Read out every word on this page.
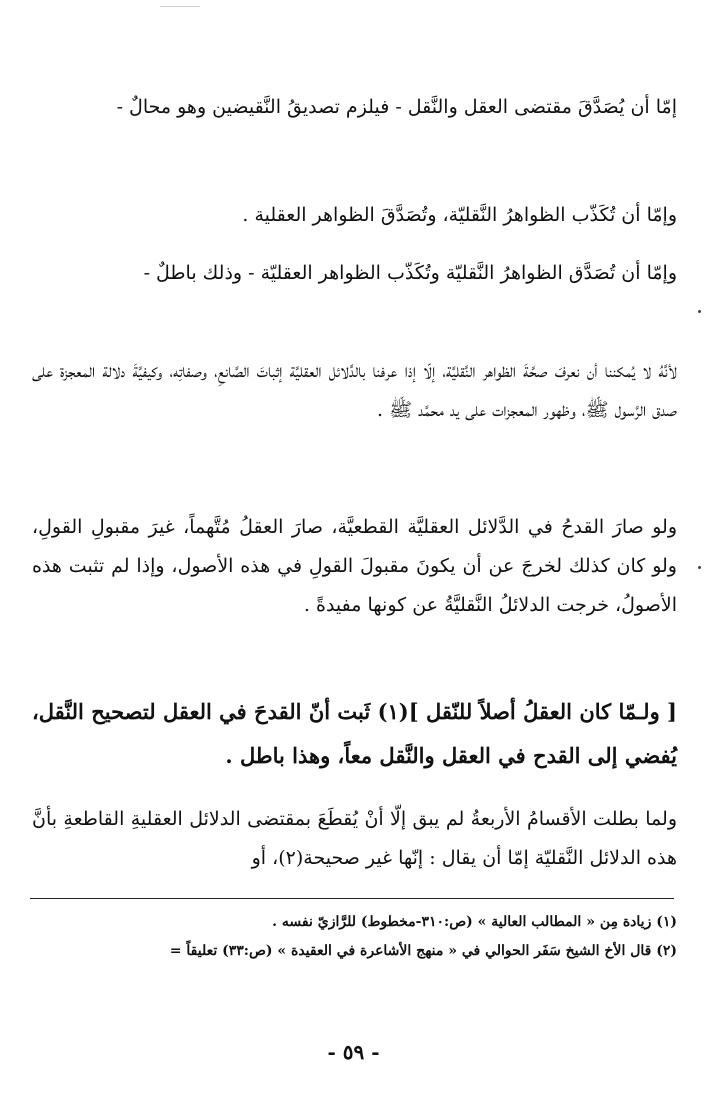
إمّا أن يُصَدَّقَ مقتضى العقل والنَّقل - فيلزم تصديقُ النَّقيضين وهو محالٌ -

وإمّا أن تُكَذّب الظواهرُ النَّقليّة، وتُصَدَّقَ الظواهر العقلية .

وإمّا أن تُصَدَّق الظواهرُ النَّقليّة وتُكَذّب الظواهر العقليّة - وذلك باطلٌ -

لأنَّهُ لا يُمكننا أن نعرفَ صحَّةَ الظواهر النَّقليَّة، إلّا إذا عرفنا بالدَّلائل العقليَّة إثباتَ الصَّانعِ، وصفاتِه، وكيفيَّةَ دلالة المعجزة على صدق الرَّسول ﷺ، وظهور المعجزات على يد محمَّد ﷺ .

ولو صارَ القدحُ في الدَّلائل العقليَّة القطعيَّة، صارَ العقلُ مُتَّهماً، غيرَ مقبولِ القولِ، ولو كان كذلك لخرجَ عن أن يكونَ مقبولَ القولِ في هذه الأصول، وإذا لم تثبت هذه الأصولُ، خرجت الدلائلُ النَّقليَّةُ عن كونها مفيدةً .

[ ولـمّا كان العقلُ أصلاً للنّقل ](١) ثَبت أنّ القدحَ في العقل لتصحيح النَّقل، يُفضي إلى القدح في العقل والنَّقل معاً، وهذا باطل .

ولما بطلت الأقسامُ الأربعةُ لم يبق إلّا أنْ يُقطَعَ بمقتضى الدلائل العقليةِ القاطعةِ بأنَّ هذه الدلائل النَّقليّة إمّا أن يقال : إنّها غير صحيحة(٢)، أو

(١) زيادة مِن « المطالب العالية » (ص:٣١٠-مخطوط) للرَّازيّ نفسه .
(٢) قال الأخ الشيخ سَفَر الحوالي في « منهج الأشاعرة في العقيدة » (ص:٣٣) تعليقاً =
- ٥٩ -
